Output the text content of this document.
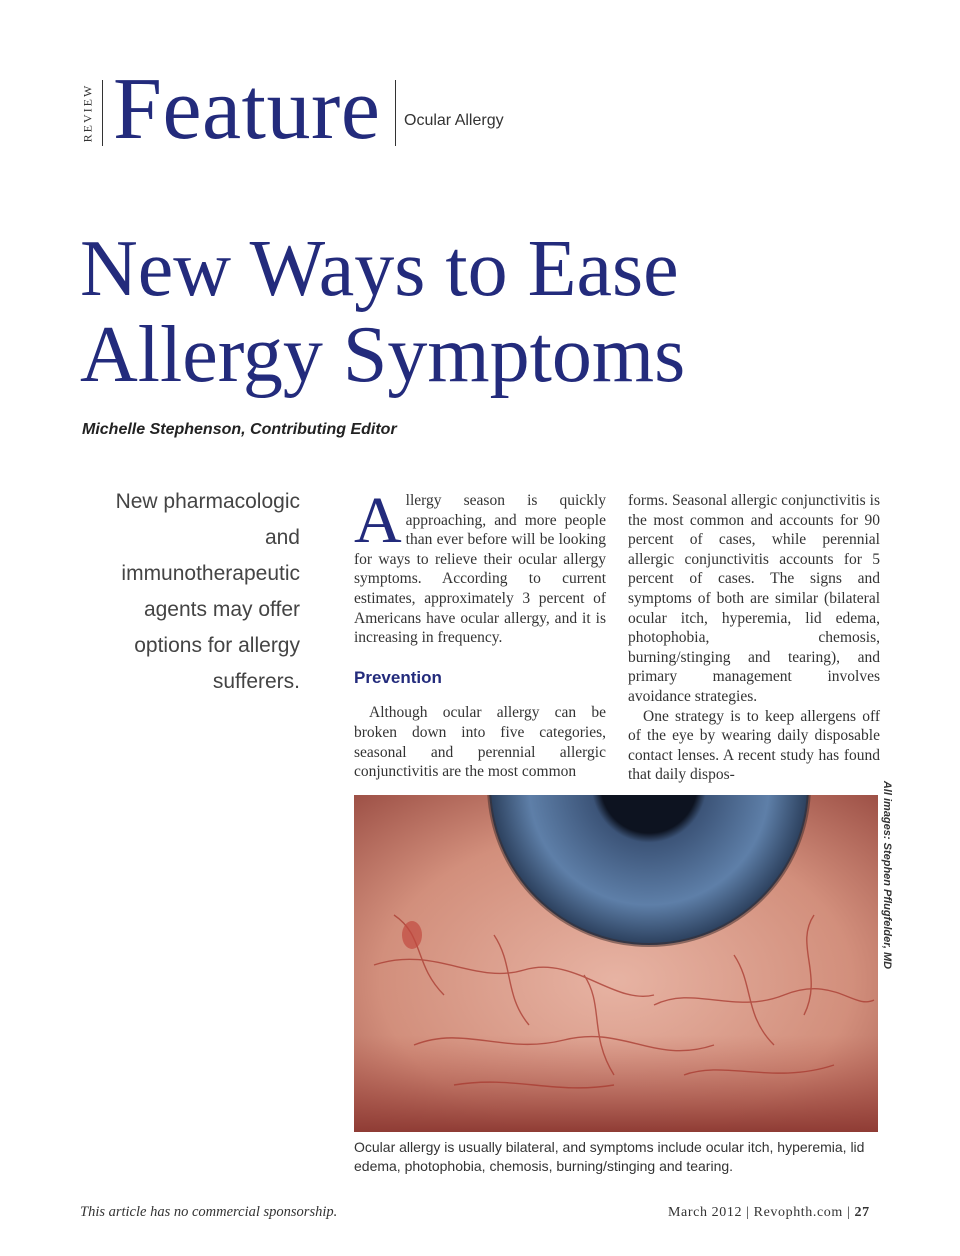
REVIEW Feature Ocular Allergy
New Ways to Ease
Allergy Symptoms
Michelle Stephenson, Contributing Editor
New pharmacologic and immunotherapeutic agents may offer options for allergy sufferers.

Allergy season is quickly approaching, and more people than ever before will be looking for ways to relieve their ocular allergy symptoms. According to current estimates, approximately 3 percent of Americans have ocular allergy, and it is increasing in frequency.

Prevention

Although ocular allergy can be broken down into five categories, seasonal and perennial allergic conjunctivitis are the most common

forms. Seasonal allergic conjunctivitis is the most common and accounts for 90 percent of cases, while perennial allergic conjunctivitis accounts for 5 percent of cases. The signs and symptoms of both are similar (bilateral ocular itch, hyperemia, lid edema, photophobia, chemosis, burning/stinging and tearing), and primary management involves avoidance strategies.

One strategy is to keep allergens off of the eye by wearing daily disposable contact lenses. A recent study has found that daily dispos-

All images: Stephen Pflugfelder, MD
Ocular allergy is usually bilateral, and symptoms include ocular itch, hyperemia, lid edema, photophobia, chemosis, burning/stinging and tearing.
This article has no commercial sponsorship.	March 2012 | Revophth.com | 27
